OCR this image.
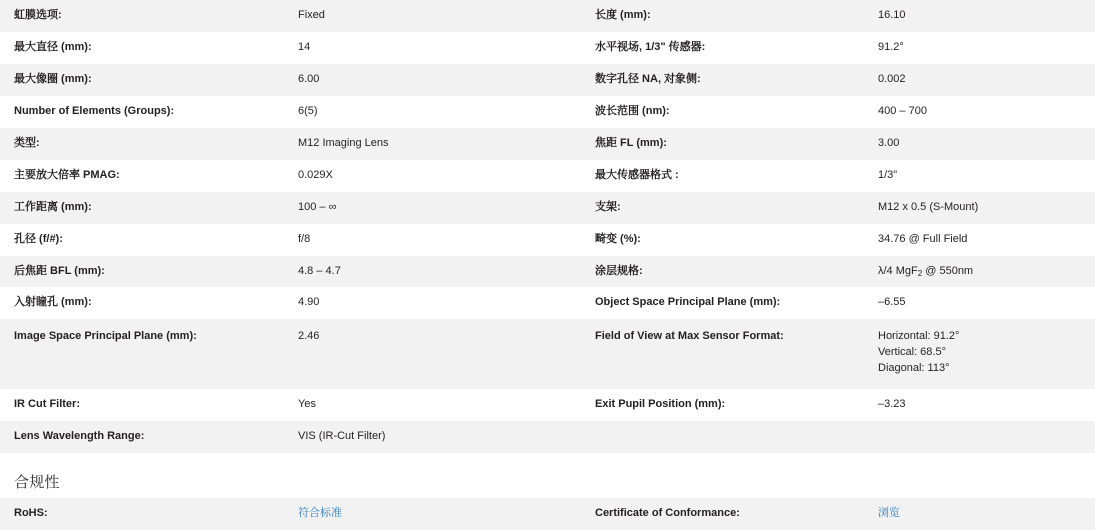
虹膜选项:	Fixed	长度 (mm):	16.10
最大直径 (mm):	14	水平视场, 1/3" 传感器:	91.2°
最大像圈 (mm):	6.00	数字孔径 NA, 对象侧:	0.002
Number of Elements (Groups):	6(5)	波长范围 (nm):	400 – 700
类型:	M12 Imaging Lens	焦距 FL (mm):	3.00
主要放大倍率 PMAG:	0.029X	最大传感器格式 :	1/3"
工作距离 (mm):	100 – ∞	支架:	M12 x 0.5 (S-Mount)
孔径 (f/#):	f/8	畸变 (%):	34.76 @ Full Field
后焦距 BFL (mm):	4.8 – 4.7	涂层规格:	λ/4 MgF$_2$ @ 550nm
入射瞳孔 (mm):	4.90	Object Space Principal Plane (mm):	–6.55
Image Space Principal Plane (mm):	2.46	Field of View at Max Sensor Format:	Horizontal: 91.2°
Vertical: 68.5°
Diagonal: 113°

IR Cut Filter:	Yes	Exit Pupil Position (mm):	–3.23
Lens Wavelength Range:	VIS (IR-Cut Filter)		
合规性
RoHS:	符合标准	Certificate of Conformance:	浏览
